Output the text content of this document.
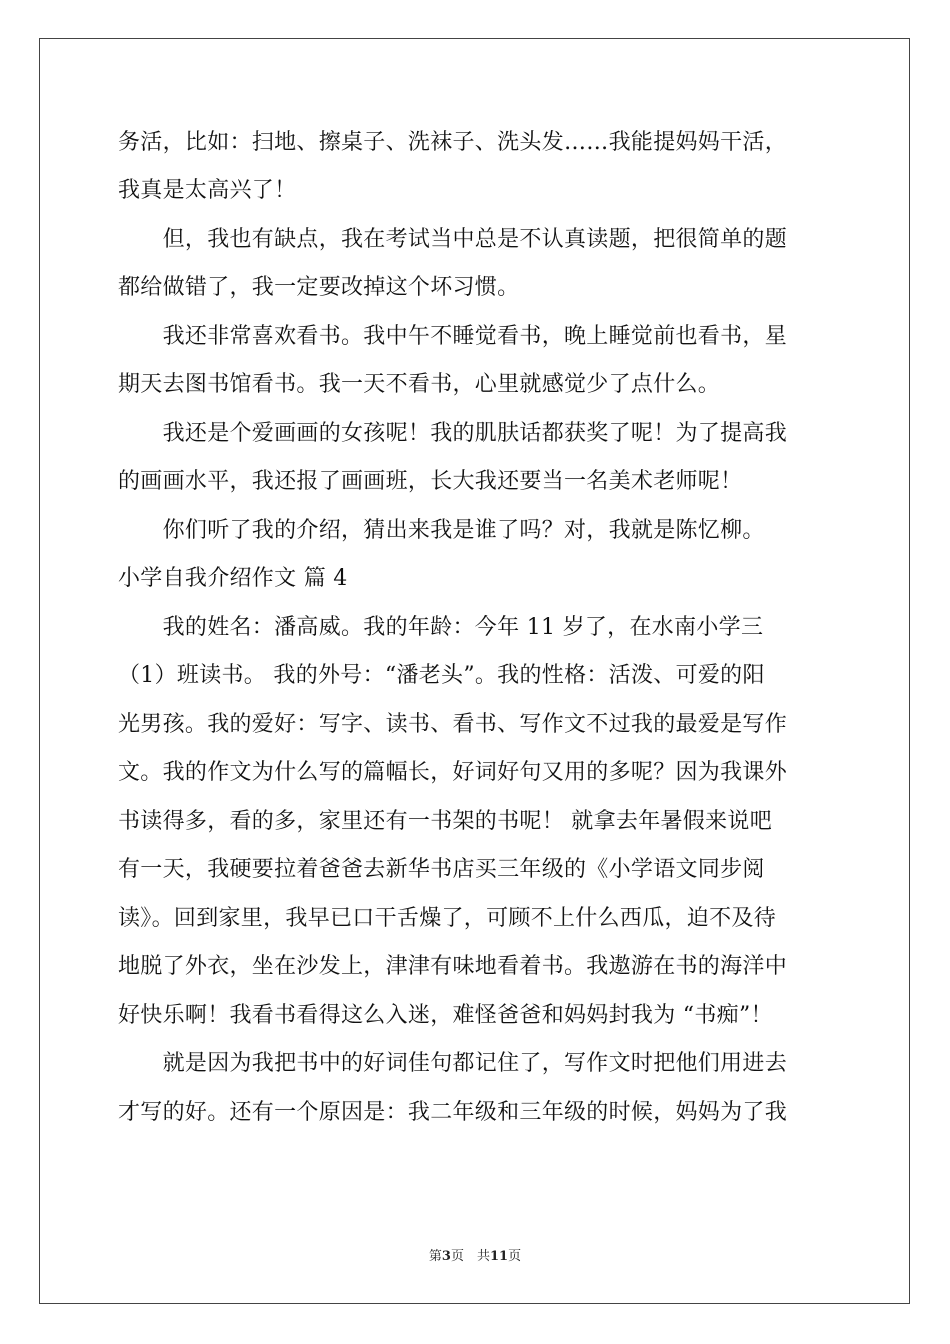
务活，比如：扫地、擦桌子、洗袜子、洗头发……我能提妈妈干活，
我真是太高兴了！
　　但，我也有缺点，我在考试当中总是不认真读题，把很简单的题
都给做错了，我一定要改掉这个坏习惯。
　　我还非常喜欢看书。我中午不睡觉看书，晚上睡觉前也看书，星
期天去图书馆看书。我一天不看书，心里就感觉少了点什么。
　　我还是个爱画画的女孩呢！我的肌肤话都获奖了呢！为了提高我
的画画水平，我还报了画画班，长大我还要当一名美术老师呢！
　　你们听了我的介绍，猜出来我是谁了吗？对，我就是陈忆柳。
小学自我介绍作文 篇 4
　　我的姓名：潘高威。我的年龄：今年 11 岁了，在水南小学三
（1）班读书。 我的外号：“潘老头”。我的性格：活泼、可爱的阳
光男孩。我的爱好：写字、读书、看书、写作文不过我的最爱是写作
文。我的作文为什么写的篇幅长，好词好句又用的多呢？因为我课外
书读得多，看的多，家里还有一书架的书呢！ 就拿去年暑假来说吧
有一天，我硬要拉着爸爸去新华书店买三年级的《小学语文同步阅
读》。回到家里，我早已口干舌燥了，可顾不上什么西瓜，迫不及待
地脱了外衣，坐在沙发上，津津有味地看着书。我遨游在书的海洋中
好快乐啊！我看书看得这么入迷，难怪爸爸和妈妈封我为 “书痴”！
　　就是因为我把书中的好词佳句都记住了，写作文时把他们用进去
才写的好。还有一个原因是：我二年级和三年级的时候，妈妈为了我
第3页  共11页
